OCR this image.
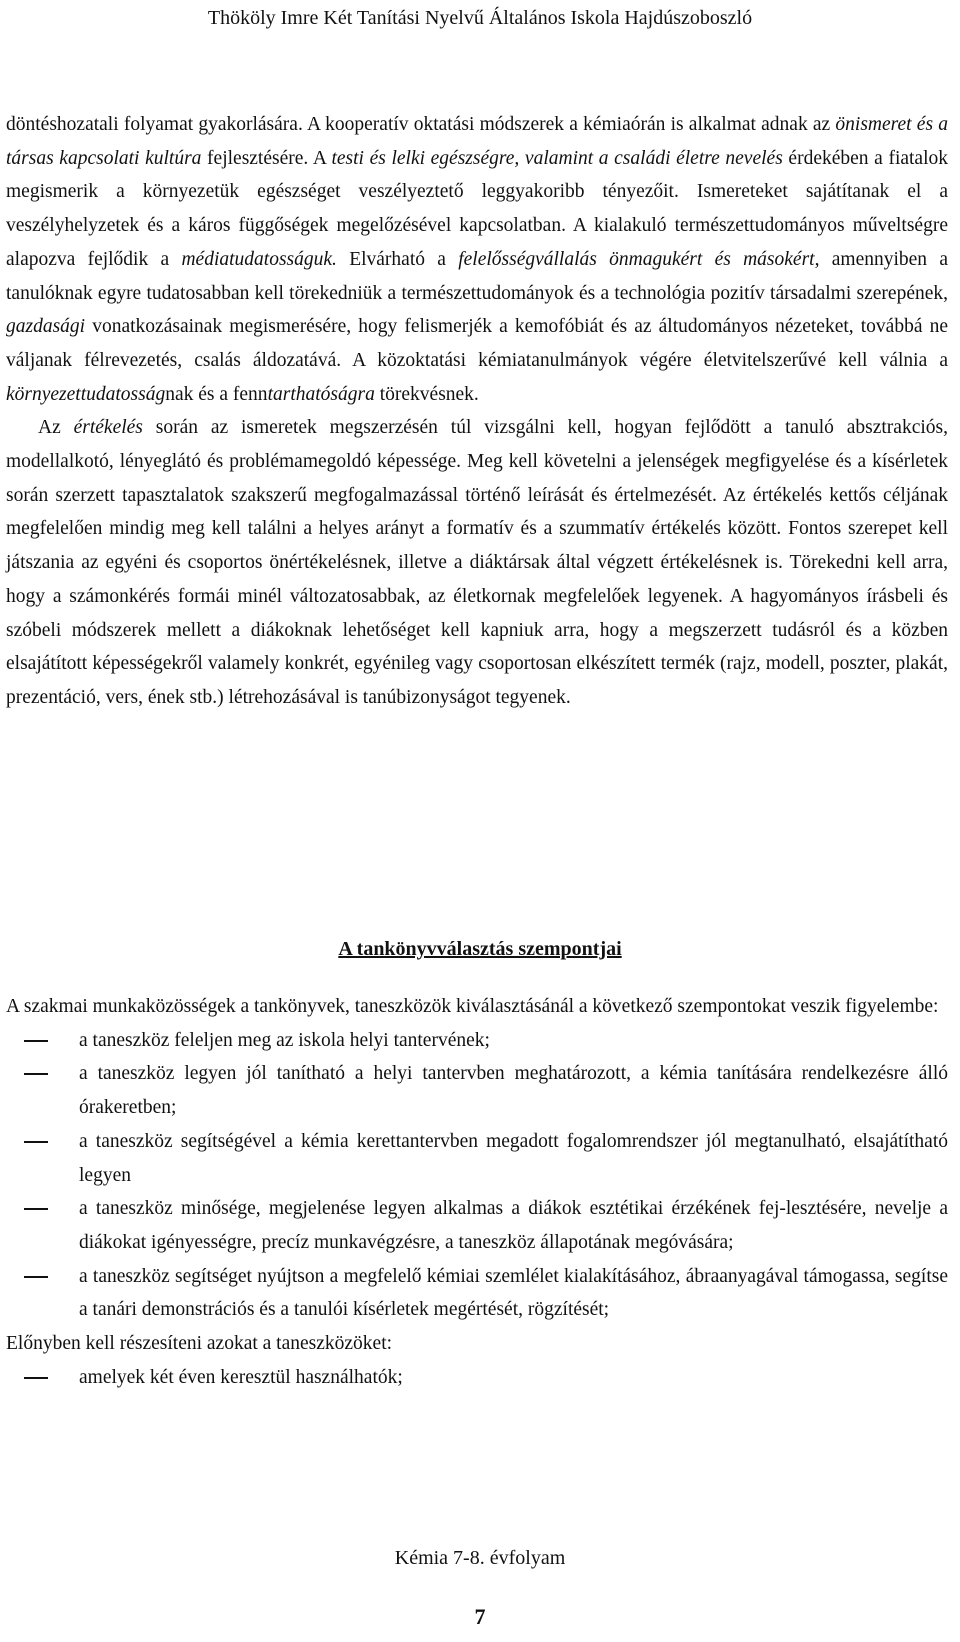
Thököly Imre Két Tanítási Nyelvű Általános Iskola Hajdúszoboszló

döntéshozatali folyamat gyakorlására. A kooperatív oktatási módszerek a kémiaórán is alkalmat adnak az önismeret és a társas kapcsolati kultúra fejlesztésére. A testi és lelki egészségre, valamint a családi életre nevelés érdekében a fiatalok megismerik a környezetük egészséget veszélyeztető leggyakoribb tényezőit. Ismereteket sajátítanak el a veszélyhelyzetek és a káros függőségek megelőzésével kapcsolatban. A kialakuló természettudományos műveltségre alapozva fejlődik a médiatudatosságuk. Elvárható a felelősségvállalás önmagukért és másokért, amennyiben a tanulóknak egyre tudatosabban kell törekedniük a természettudományok és a technológia pozitív társadalmi szerepének, gazdasági vonatkozásainak megismerésére, hogy felismerjék a kemofóbiát és az áltudományos nézeteket, továbbá ne váljanak félrevezetés, csalás áldozatává. A közoktatási kémiatanulmányok végére életvitelszerűvé kell válnia a környezettudatosságnak és a fenntarthatóságra törekvésnek.

Az értékelés során az ismeretek megszerzésén túl vizsgálni kell, hogyan fejlődött a tanuló absztrakciós, modellalkotó, lényeglátó és problémamegoldó képessége. Meg kell követelni a jelenségek megfigyelése és a kísérletek során szerzett tapasztalatok szakszerű megfogalmazással történő leírását és értelmezését. Az értékelés kettős céljának megfelelően mindig meg kell találni a helyes arányt a formatív és a szummatív értékelés között. Fontos szerepet kell játszania az egyéni és csoportos önértékelésnek, illetve a diáktársak által végzett értékelésnek is. Törekedni kell arra, hogy a számonkérés formái minél változatosabbak, az életkornak megfelelőek legyenek. A hagyományos írásbeli és szóbeli módszerek mellett a diákoknak lehetőséget kell kapniuk arra, hogy a megszerzett tudásról és a közben elsajátított képességekről valamely konkrét, egyénileg vagy csoportosan elkészített termék (rajz, modell, poszter, plakát, prezentáció, vers, ének stb.) létrehozásával is tanúbizonyságot tegyenek.

A tankönyvválasztás szempontjai

A szakmai munkaközösségek a tankönyvek, taneszközök kiválasztásánál a következő szempontokat veszik figyelembe:

a taneszköz feleljen meg az iskola helyi tantervének;
a taneszköz legyen jól tanítható a helyi tantervben meghatározott, a kémia tanítására rendelkezésre álló órakeretben;
a taneszköz segítségével a kémia kerettantervben megadott fogalomrendszer jól megtanulható, elsajátítható legyen
a taneszköz minősége, megjelenése legyen alkalmas a diákok esztétikai érzékének fej-lesztésére, nevelje a diákokat igényességre, precíz munkavégzésre, a taneszköz állapotának megóvására;
a taneszköz segítséget nyújtson a megfelelő kémiai szemlélet kialakításához, ábraanyagával támogassa, segítse a tanári demonstrációs és a tanulói kísérletek megértését, rögzítését;

Előnyben kell részesíteni azokat a taneszközöket:

amelyek két éven keresztül használhatók;
Kémia 7-8. évfolyam
7
